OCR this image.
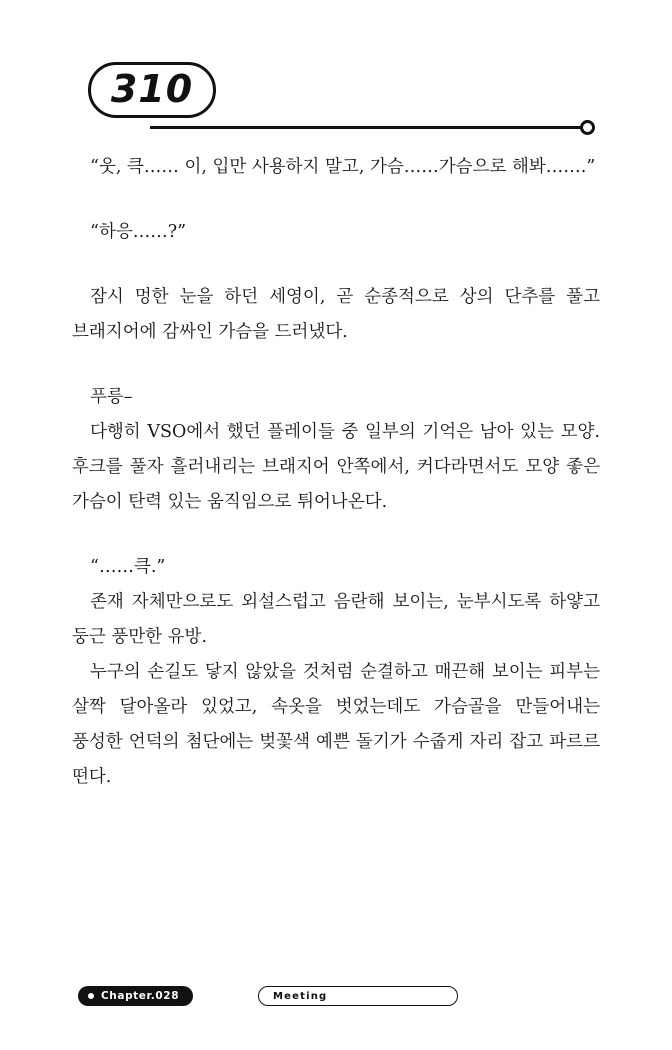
310

“웃, 큭…… 이, 입만 사용하지 말고, 가슴……가슴으로 해봐…….”

“하응……?”

잠시 멍한 눈을 하던 세영이, 곧 순종적으로 상의 단추를 풀고 브래지어에 감싸인 가슴을 드러냈다.

푸릉–

다행히 VSO에서 했던 플레이들 중 일부의 기억은 남아 있는 모양. 후크를 풀자 흘러내리는 브래지어 안쪽에서, 커다라면서도 모양 좋은 가슴이 탄력 있는 움직임으로 튀어나온다.

“……큭.”

존재 자체만으로도 외설스럽고 음란해 보이는, 눈부시도록 하얗고 둥근 풍만한 유방.

누구의 손길도 닿지 않았을 것처럼 순결하고 매끈해 보이는 피부는 살짝 달아올라 있었고, 속옷을 벗었는데도 가슴골을 만들어내는 풍성한 언덕의 첨단에는 벚꽃색 예쁜 돌기가 수줍게 자리 잡고 파르르 떤다.

Chapter.028	Meeting
